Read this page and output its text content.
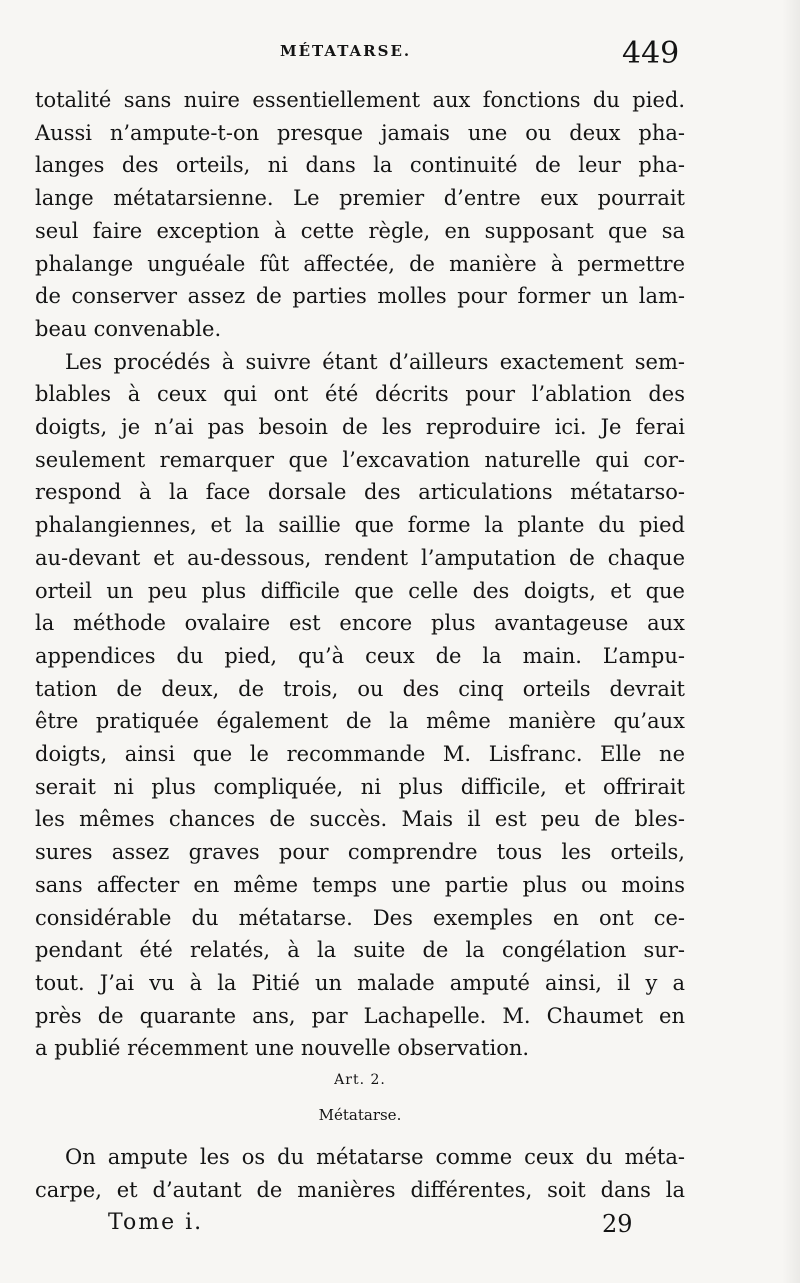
MÉTATARSE.	449
totalité sans nuire essentiellement aux fonctions du pied.
Aussi n’ampute-t-on presque jamais une ou deux pha-
langes des orteils, ni dans la continuité de leur pha-
lange métatarsienne. Le premier d’entre eux pourrait
seul faire exception à cette règle, en supposant que sa
phalange unguéale fût affectée, de manière à permettre
de conserver assez de parties molles pour former un lam-
beau convenable.
Les procédés à suivre étant d’ailleurs exactement sem-
blables à ceux qui ont été décrits pour l’ablation des
doigts, je n’ai pas besoin de les reproduire ici. Je ferai
seulement remarquer que l’excavation naturelle qui cor-
respond à la face dorsale des articulations métatarso-
phalangiennes, et la saillie que forme la plante du pied
au-devant et au-dessous, rendent l’amputation de chaque
orteil un peu plus difficile que celle des doigts, et que
la méthode ovalaire est encore plus avantageuse aux
appendices du pied, qu’à ceux de la main. L’ampu-
tation de deux, de trois, ou des cinq orteils devrait
être pratiquée également de la même manière qu’aux
doigts, ainsi que le recommande M. Lisfranc. Elle ne
serait ni plus compliquée, ni plus difficile, et offrirait
les mêmes chances de succès. Mais il est peu de bles-
sures assez graves pour comprendre tous les orteils,
sans affecter en même temps une partie plus ou moins
considérable du métatarse. Des exemples en ont ce-
pendant été relatés, à la suite de la congélation sur-
tout. J’ai vu à la Pitié un malade amputé ainsi, il y a
près de quarante ans, par Lachapelle. M. Chaumet en
a publié récemment une nouvelle observation.
Art. 2.
Métatarse.
On ampute les os du métatarse comme ceux du méta-
carpe, et d’autant de manières différentes, soit dans la
Tome i.	29
